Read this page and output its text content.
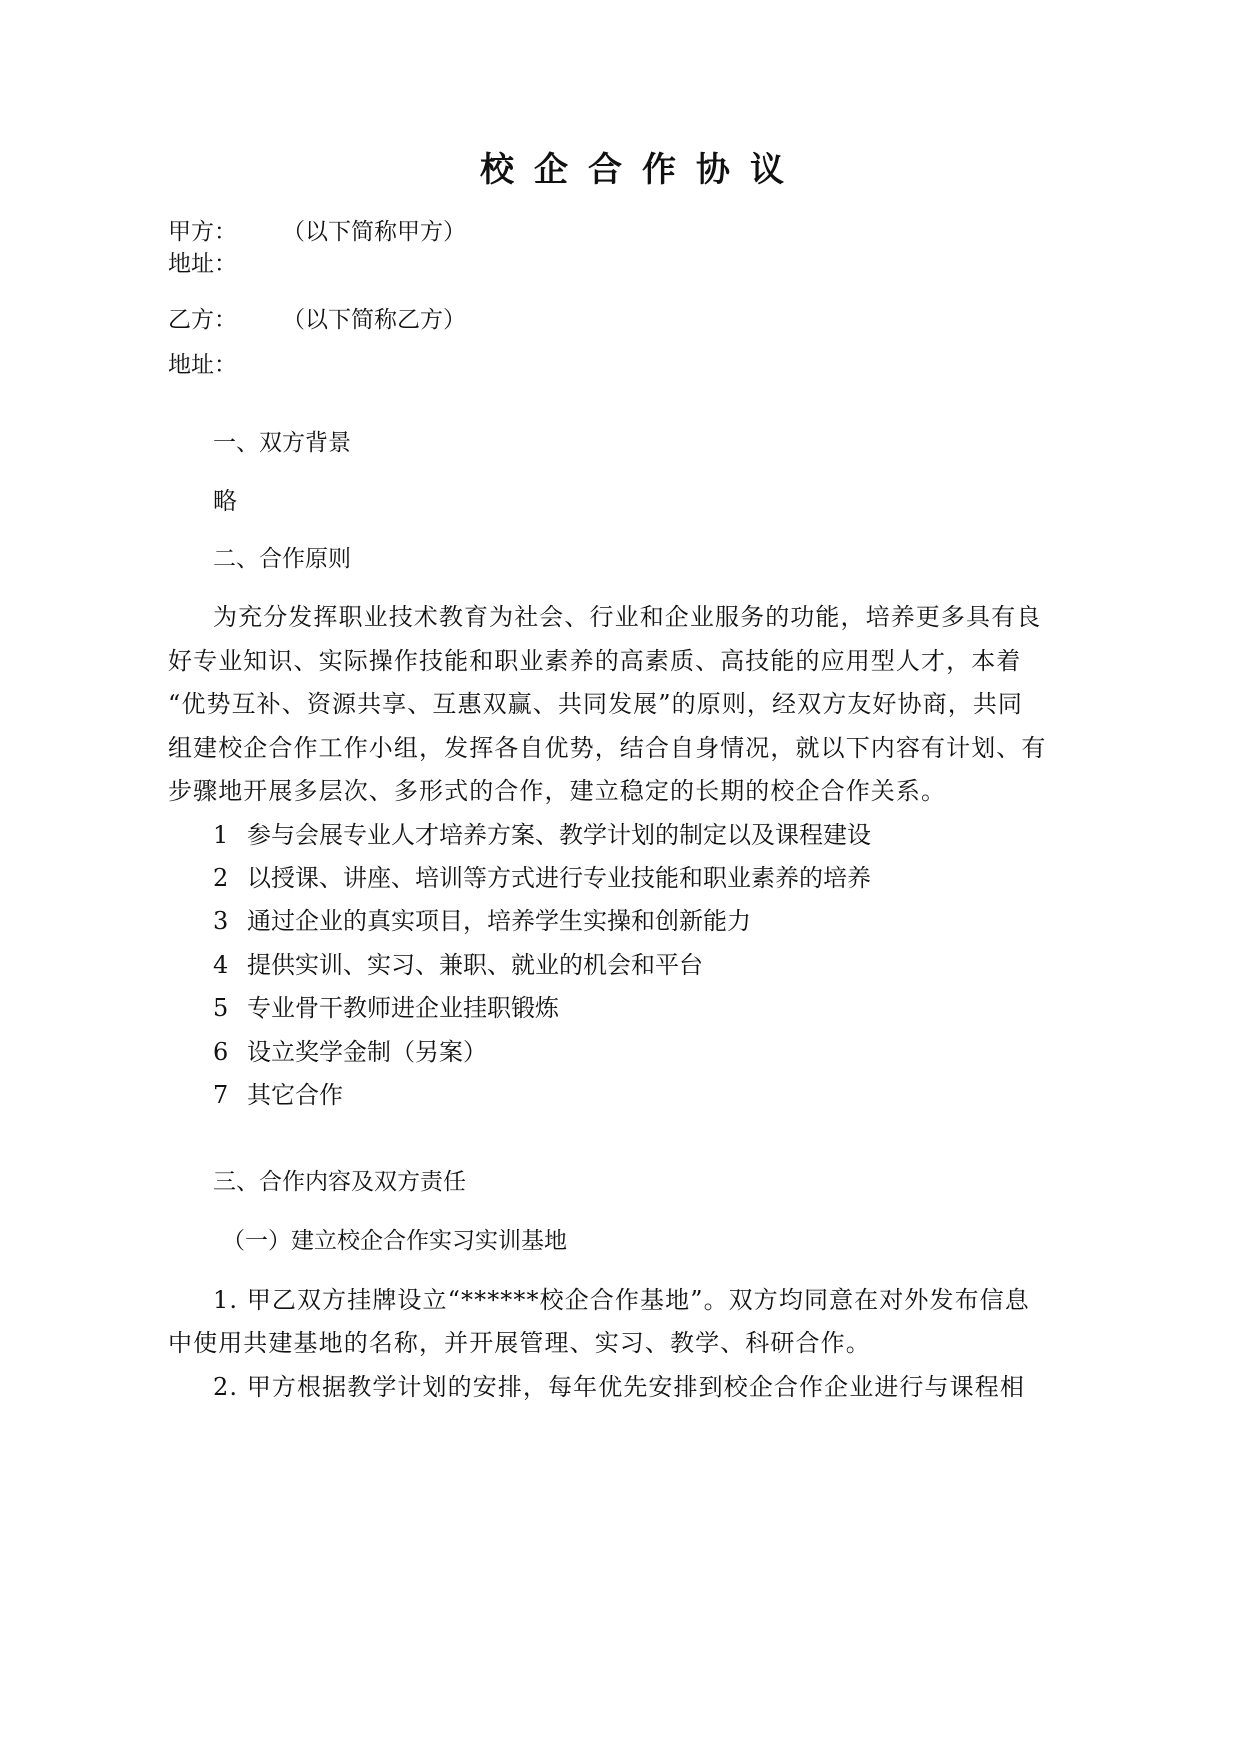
校企合作协议
甲方： （以下简称甲方）
地址：
乙方： （以下简称乙方）
地址：
一、双方背景
略
二、合作原则
为充分发挥职业技术教育为社会、行业和企业服务的功能，培养更多具有良
好专业知识、实际操作技能和职业素养的高素质、高技能的应用型人才，本着
“优势互补、资源共享、互惠双赢、共同发展”的原则，经双方友好协商，共同
组建校企合作工作小组，发挥各自优势，结合自身情况，就以下内容有计划、有
步骤地开展多层次、多形式的合作，建立稳定的长期的校企合作关系。
1 参与会展专业人才培养方案、教学计划的制定以及课程建设
2 以授课、讲座、培训等方式进行专业技能和职业素养的培养
3 通过企业的真实项目，培养学生实操和创新能力
4 提供实训、实习、兼职、就业的机会和平台
5 专业骨干教师进企业挂职锻炼
6 设立奖学金制（另案）
7 其它合作
三、合作内容及双方责任
（一）建立校企合作实习实训基地
1. 甲乙双方挂牌设立“******校企合作基地”。双方均同意在对外发布信息
中使用共建基地的名称，并开展管理、实习、教学、科研合作。
2. 甲方根据教学计划的安排，每年优先安排到校企合作企业进行与课程相
